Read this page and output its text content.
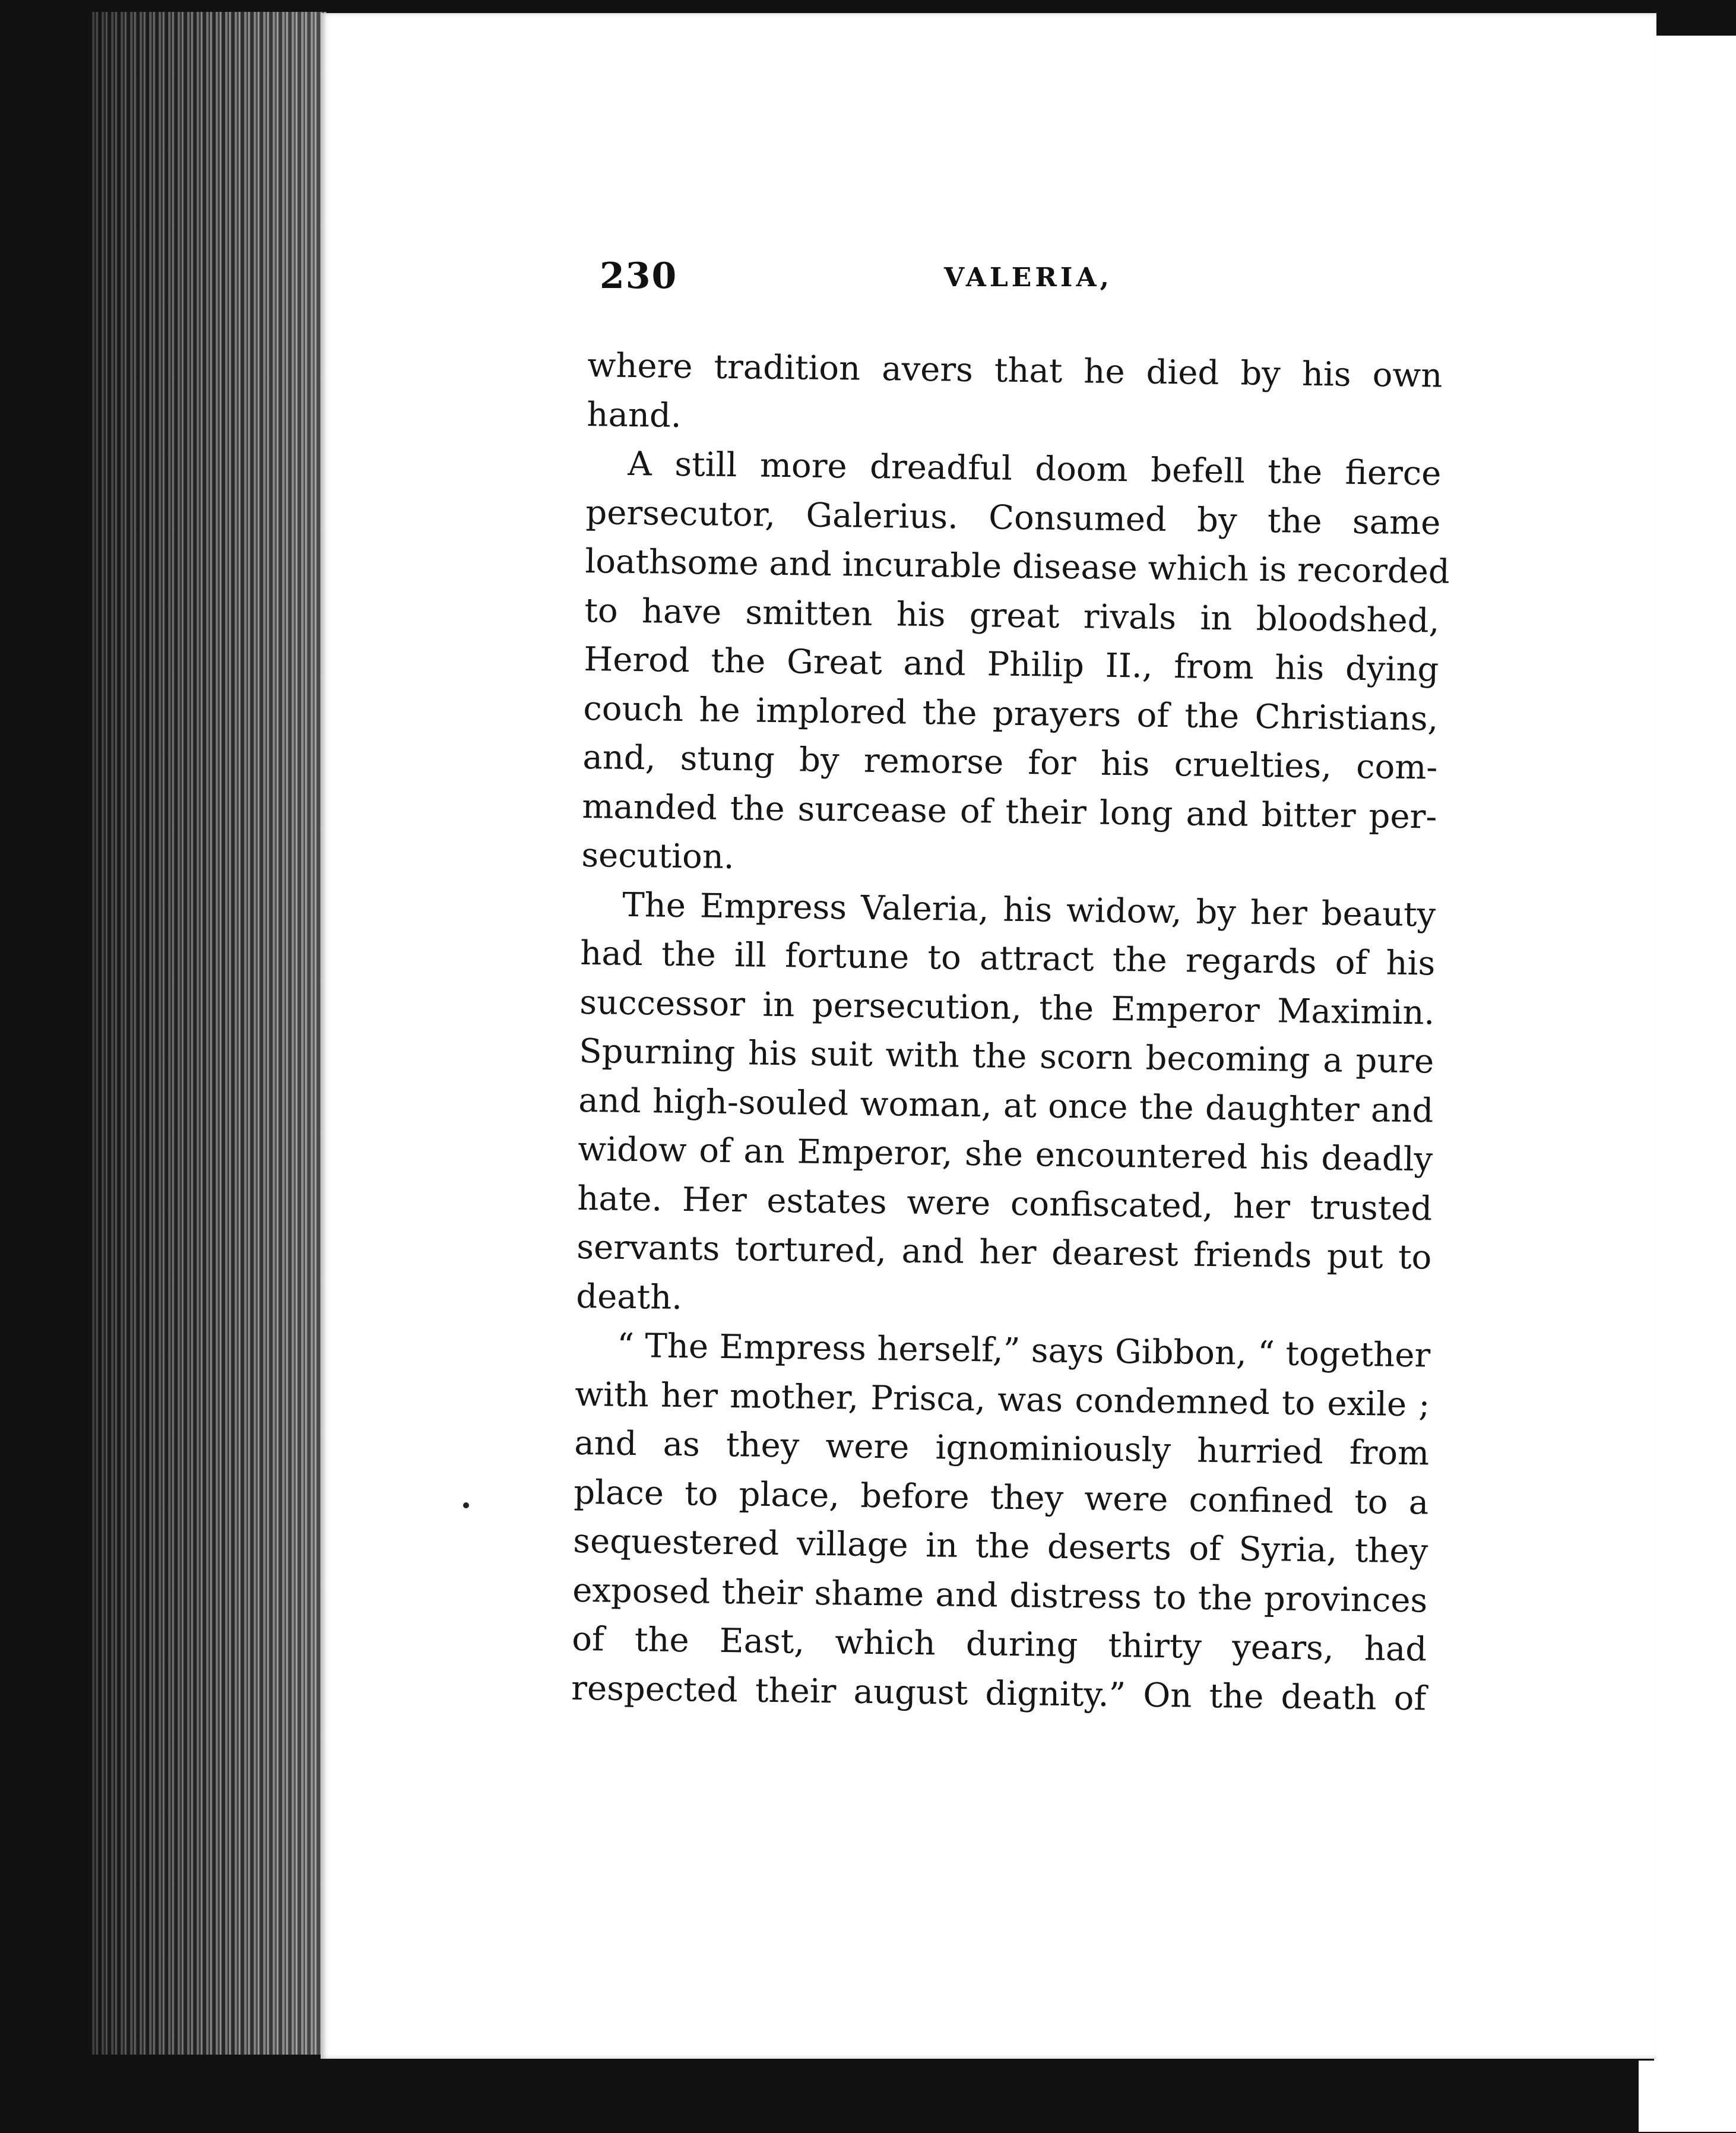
230	VALERIA,
where tradition avers that he died by his own
hand.
A still more dreadful doom befell the fierce
persecutor, Galerius. Consumed by the same
loathsome and incurable disease which is recorded
to have smitten his great rivals in bloodshed,
Herod the Great and Philip II., from his dying
couch he implored the prayers of the Christians,
and, stung by remorse for his cruelties, com-
manded the surcease of their long and bitter per-
secution.
The Empress Valeria, his widow, by her beauty
had the ill fortune to attract the regards of his
successor in persecution, the Emperor Maximin.
Spurning his suit with the scorn becoming a pure
and high-souled woman, at once the daughter and
widow of an Emperor, she encountered his deadly
hate. Her estates were confiscated, her trusted
servants tortured, and her dearest friends put to
death.
“ The Empress herself,” says Gibbon, “ together
with her mother, Prisca, was condemned to exile ;
and as they were ignominiously hurried from
place to place, before they were confined to a
sequestered village in the deserts of Syria, they
exposed their shame and distress to the provinces
of the East, which during thirty years, had
respected their august dignity.” On the death of
